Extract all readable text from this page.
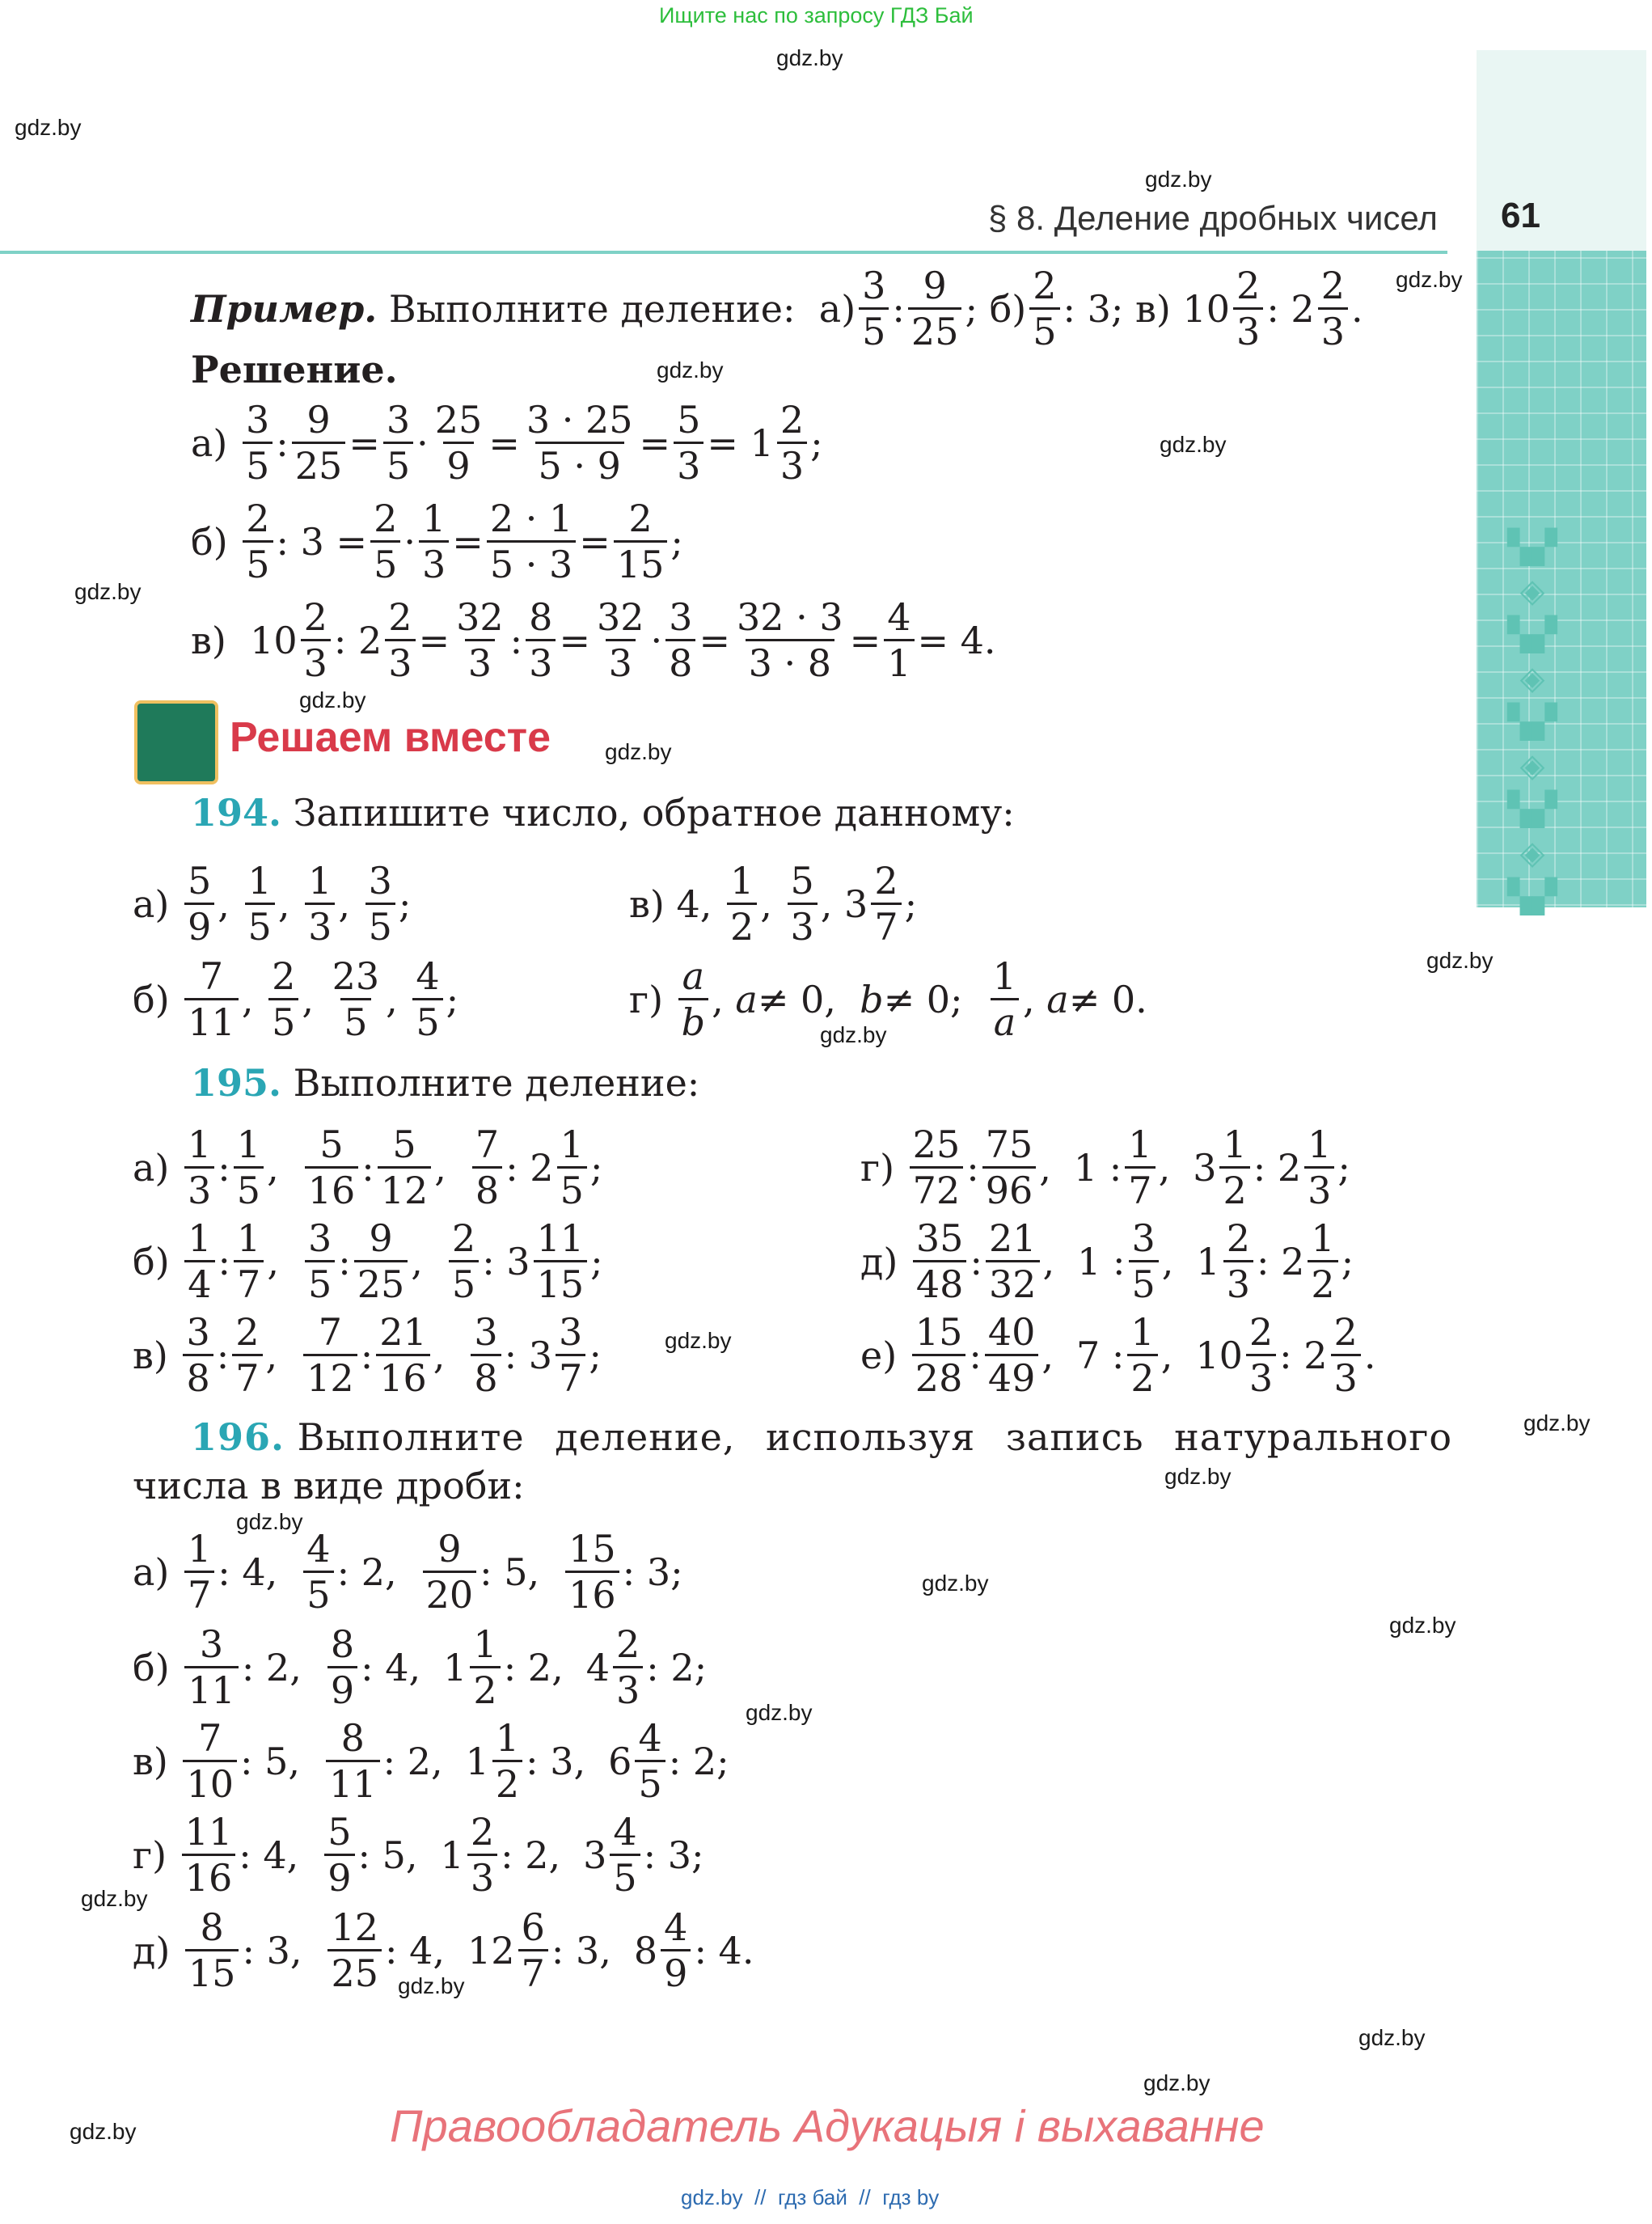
Ищите нас по запросу ГДЗ Бай
gdz.by
gdz.by
gdz.by
gdz.by
gdz.by
gdz.by
gdz.by
gdz.by
gdz.by
gdz.by
gdz.by
gdz.by
gdz.by
gdz.by
gdz.by
gdz.by
gdz.by
gdz.by
gdz.by
gdz.by
gdz.by
gdz.by
gdz.by
▚▞
◈
▚▞
◈
▚▞
◈
▚▞
◈
▚▞
§ 8. Деление дробных чисел 61
Пример.
Выполните деление:
а)
3
5
:
9
25
; б)
2
5
: 3; в) 10
2
3
: 2
2
3
.
Решение.
а)

3
5
:
9
25
=
3
5
·
25
9
=
3 · 25
5 · 9
=
5
3
= 1
2
3
;
б)

2
5
: 3 =
2
5
·
1
3
=
2 · 1
5 · 3
=
2
15
;
в) 10
2
3
: 2
2
3
=
32
3
:
8
3
=
32
3
·
3
8
=
32 · 3
3 · 8
=
4
1
= 4.
Решаем вместе
194.
Запишите число, обратное данному:
а)

5
9
,
1
5
,
1
3
,
3
5
;	в) 4,
1
2
,
5
3
, 3
2
7
;
б)

7
11
,
2
5
,
23
5
,
4
5
;	г)

a
b
, a ≠ 0, b ≠ 0;
1
a
, a ≠ 0.
195.
Выполните деление:
а)

1
3
:
1
5
,
5
16
:
5
12
,
7
8
: 2
1
5
;	г)

25
72
:
75
96
, 1 :
1
7
, 3
1
2
: 2
1
3
;
б)

1
4
:
1
7
,
3
5
:
9
25
,
2
5
: 3
11
15
;	д)

35
48
:
21
32
, 1 :
3
5
, 1
2
3
: 2
1
2
;
в)

3
8
:
2
7
,
7
12
:
21
16
,
3
8
: 3
3
7
;	е)

15
28
:
40
49
, 7 :
1
2
, 10
2
3
: 2
2
3
.
196.
Выполните деление, используя запись натурального
числа в виде дроби:
а)

1
7
: 4,
4
5
: 2,
9
20
: 5,
15
16
: 3;
б)

3
11
: 2,
8
9
: 4, 1
1
2
: 2, 4
2
3
: 2;
в)

7
10
: 5,
8
11
: 2, 1
1
2
: 3, 6
4
5
: 2;
г)

11
16
: 4,
5
9
: 5, 1
2
3
: 2, 3
4
5
: 3;
д)

8
15
: 3,
12
25
: 4, 12
6
7
: 3, 8
4
9
: 4.
Правообладатель Адукацыя і выхаванне
gdz.by  //  гдз бай  //  гдз by
